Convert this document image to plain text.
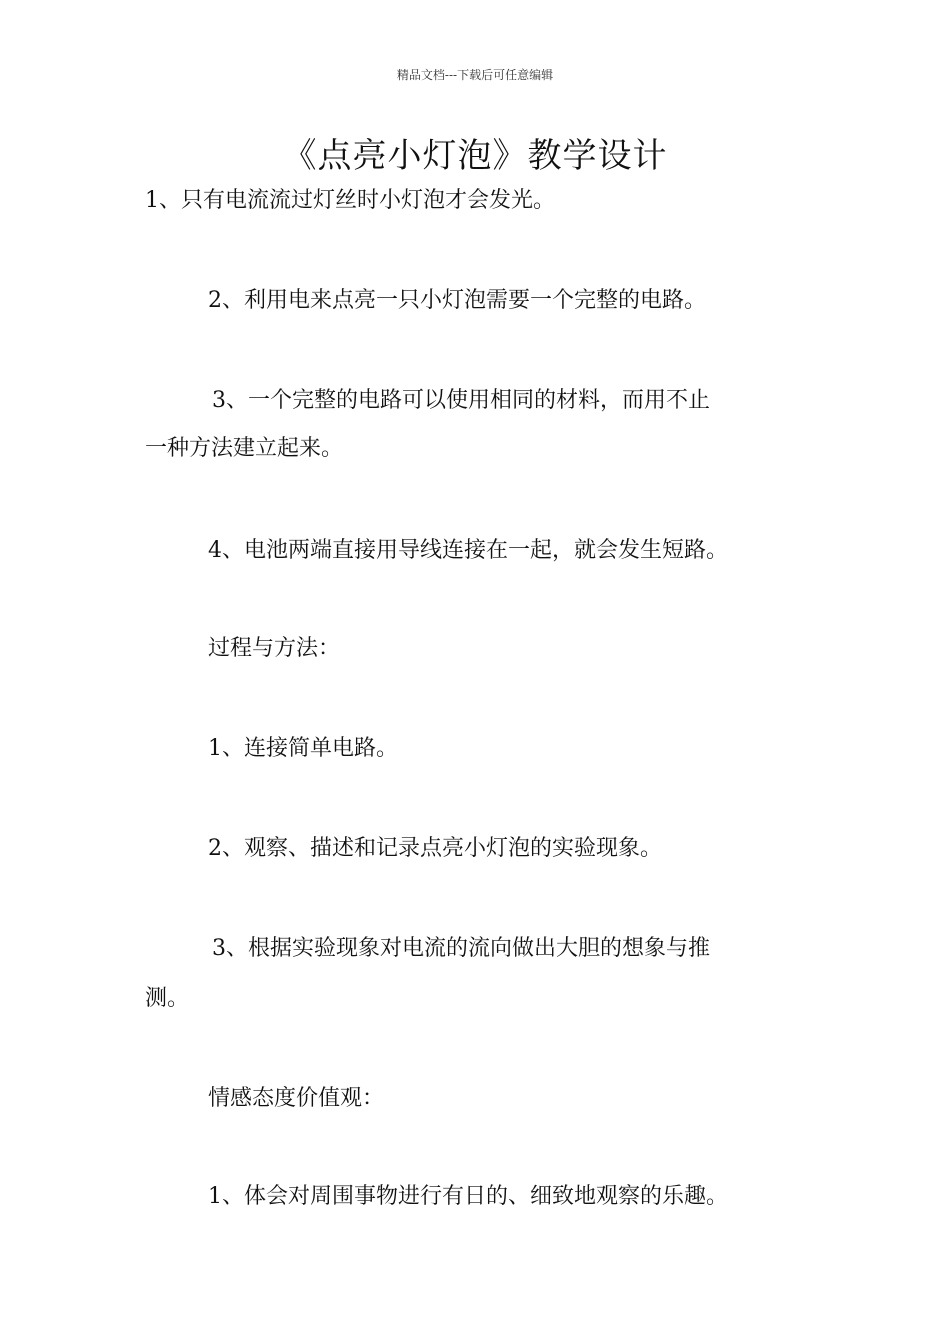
精品文档---下载后可任意编辑
《点亮小灯泡》教学设计
1、只有电流流过灯丝时小灯泡才会发光。
2、利用电来点亮一只小灯泡需要一个完整的电路。
3、一个完整的电路可以使用相同的材料，而用不止
一种方法建立起来。
4、电池两端直接用导线连接在一起，就会发生短路。
过程与方法：
1、连接简单电路。
2、观察、描述和记录点亮小灯泡的实验现象。
3、根据实验现象对电流的流向做出大胆的想象与推
测。
情感态度价值观：
1、体会对周围事物进行有日的、细致地观察的乐趣。
